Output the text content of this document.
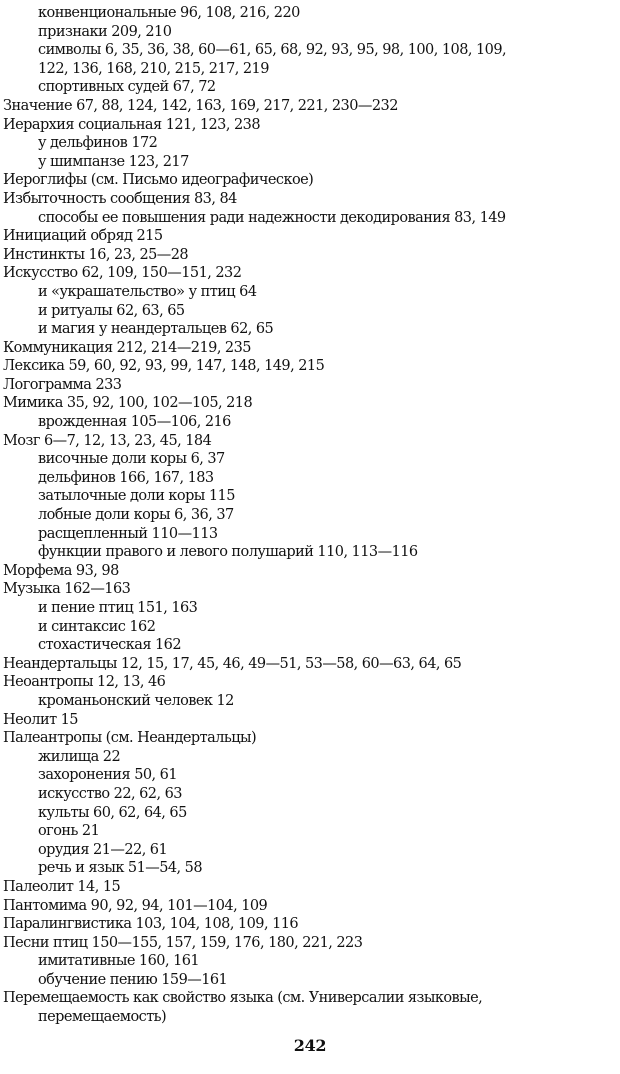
конвенциональные 96, 108, 216, 220
признаки 209, 210
символы 6, 35, 36, 38, 60—61, 65, 68, 92, 93, 95, 98, 100, 108, 109,
122, 136, 168, 210, 215, 217, 219
спортивных судей 67, 72
Значение 67, 88, 124, 142, 163, 169, 217, 221, 230—232
Иерархия социальная 121, 123, 238
у дельфинов 172
у шимпанзе 123, 217
Иероглифы (см. Письмо идеографическое)
Избыточность сообщения 83, 84
способы ее повышения ради надежности декодирования 83, 149
Инициаций обряд 215
Инстинкты 16, 23, 25—28
Искусство 62, 109, 150—151, 232
и «украшательство» у птиц 64
и ритуалы 62, 63, 65
и магия у неандертальцев 62, 65
Коммуникация 212, 214—219, 235
Лексика 59, 60, 92, 93, 99, 147, 148, 149, 215
Логограмма 233
Мимика 35, 92, 100, 102—105, 218
врожденная 105—106, 216
Мозг 6—7, 12, 13, 23, 45, 184
височные доли коры 6, 37
дельфинов 166, 167, 183
затылочные доли коры 115
лобные доли коры 6, 36, 37
расщепленный 110—113
функции правого и левого полушарий 110, 113—116
Морфема 93, 98
Музыка 162—163
и пение птиц 151, 163
и синтаксис 162
стохастическая 162
Неандертальцы 12, 15, 17, 45, 46, 49—51, 53—58, 60—63, 64, 65
Неоантропы 12, 13, 46
кроманьонский человек 12
Неолит 15
Палеантропы (см. Неандертальцы)
жилища 22
захоронения 50, 61
искусство 22, 62, 63
культы 60, 62, 64, 65
огонь 21
орудия 21—22, 61
речь и язык 51—54, 58
Палеолит 14, 15
Пантомима 90, 92, 94, 101—104, 109
Паралингвистика 103, 104, 108, 109, 116
Песни птиц 150—155, 157, 159, 176, 180, 221, 223
имитативные 160, 161
обучение пению 159—161
Перемещаемость как свойство языка (см. Универсалии языковые,
перемещаемость)
242
